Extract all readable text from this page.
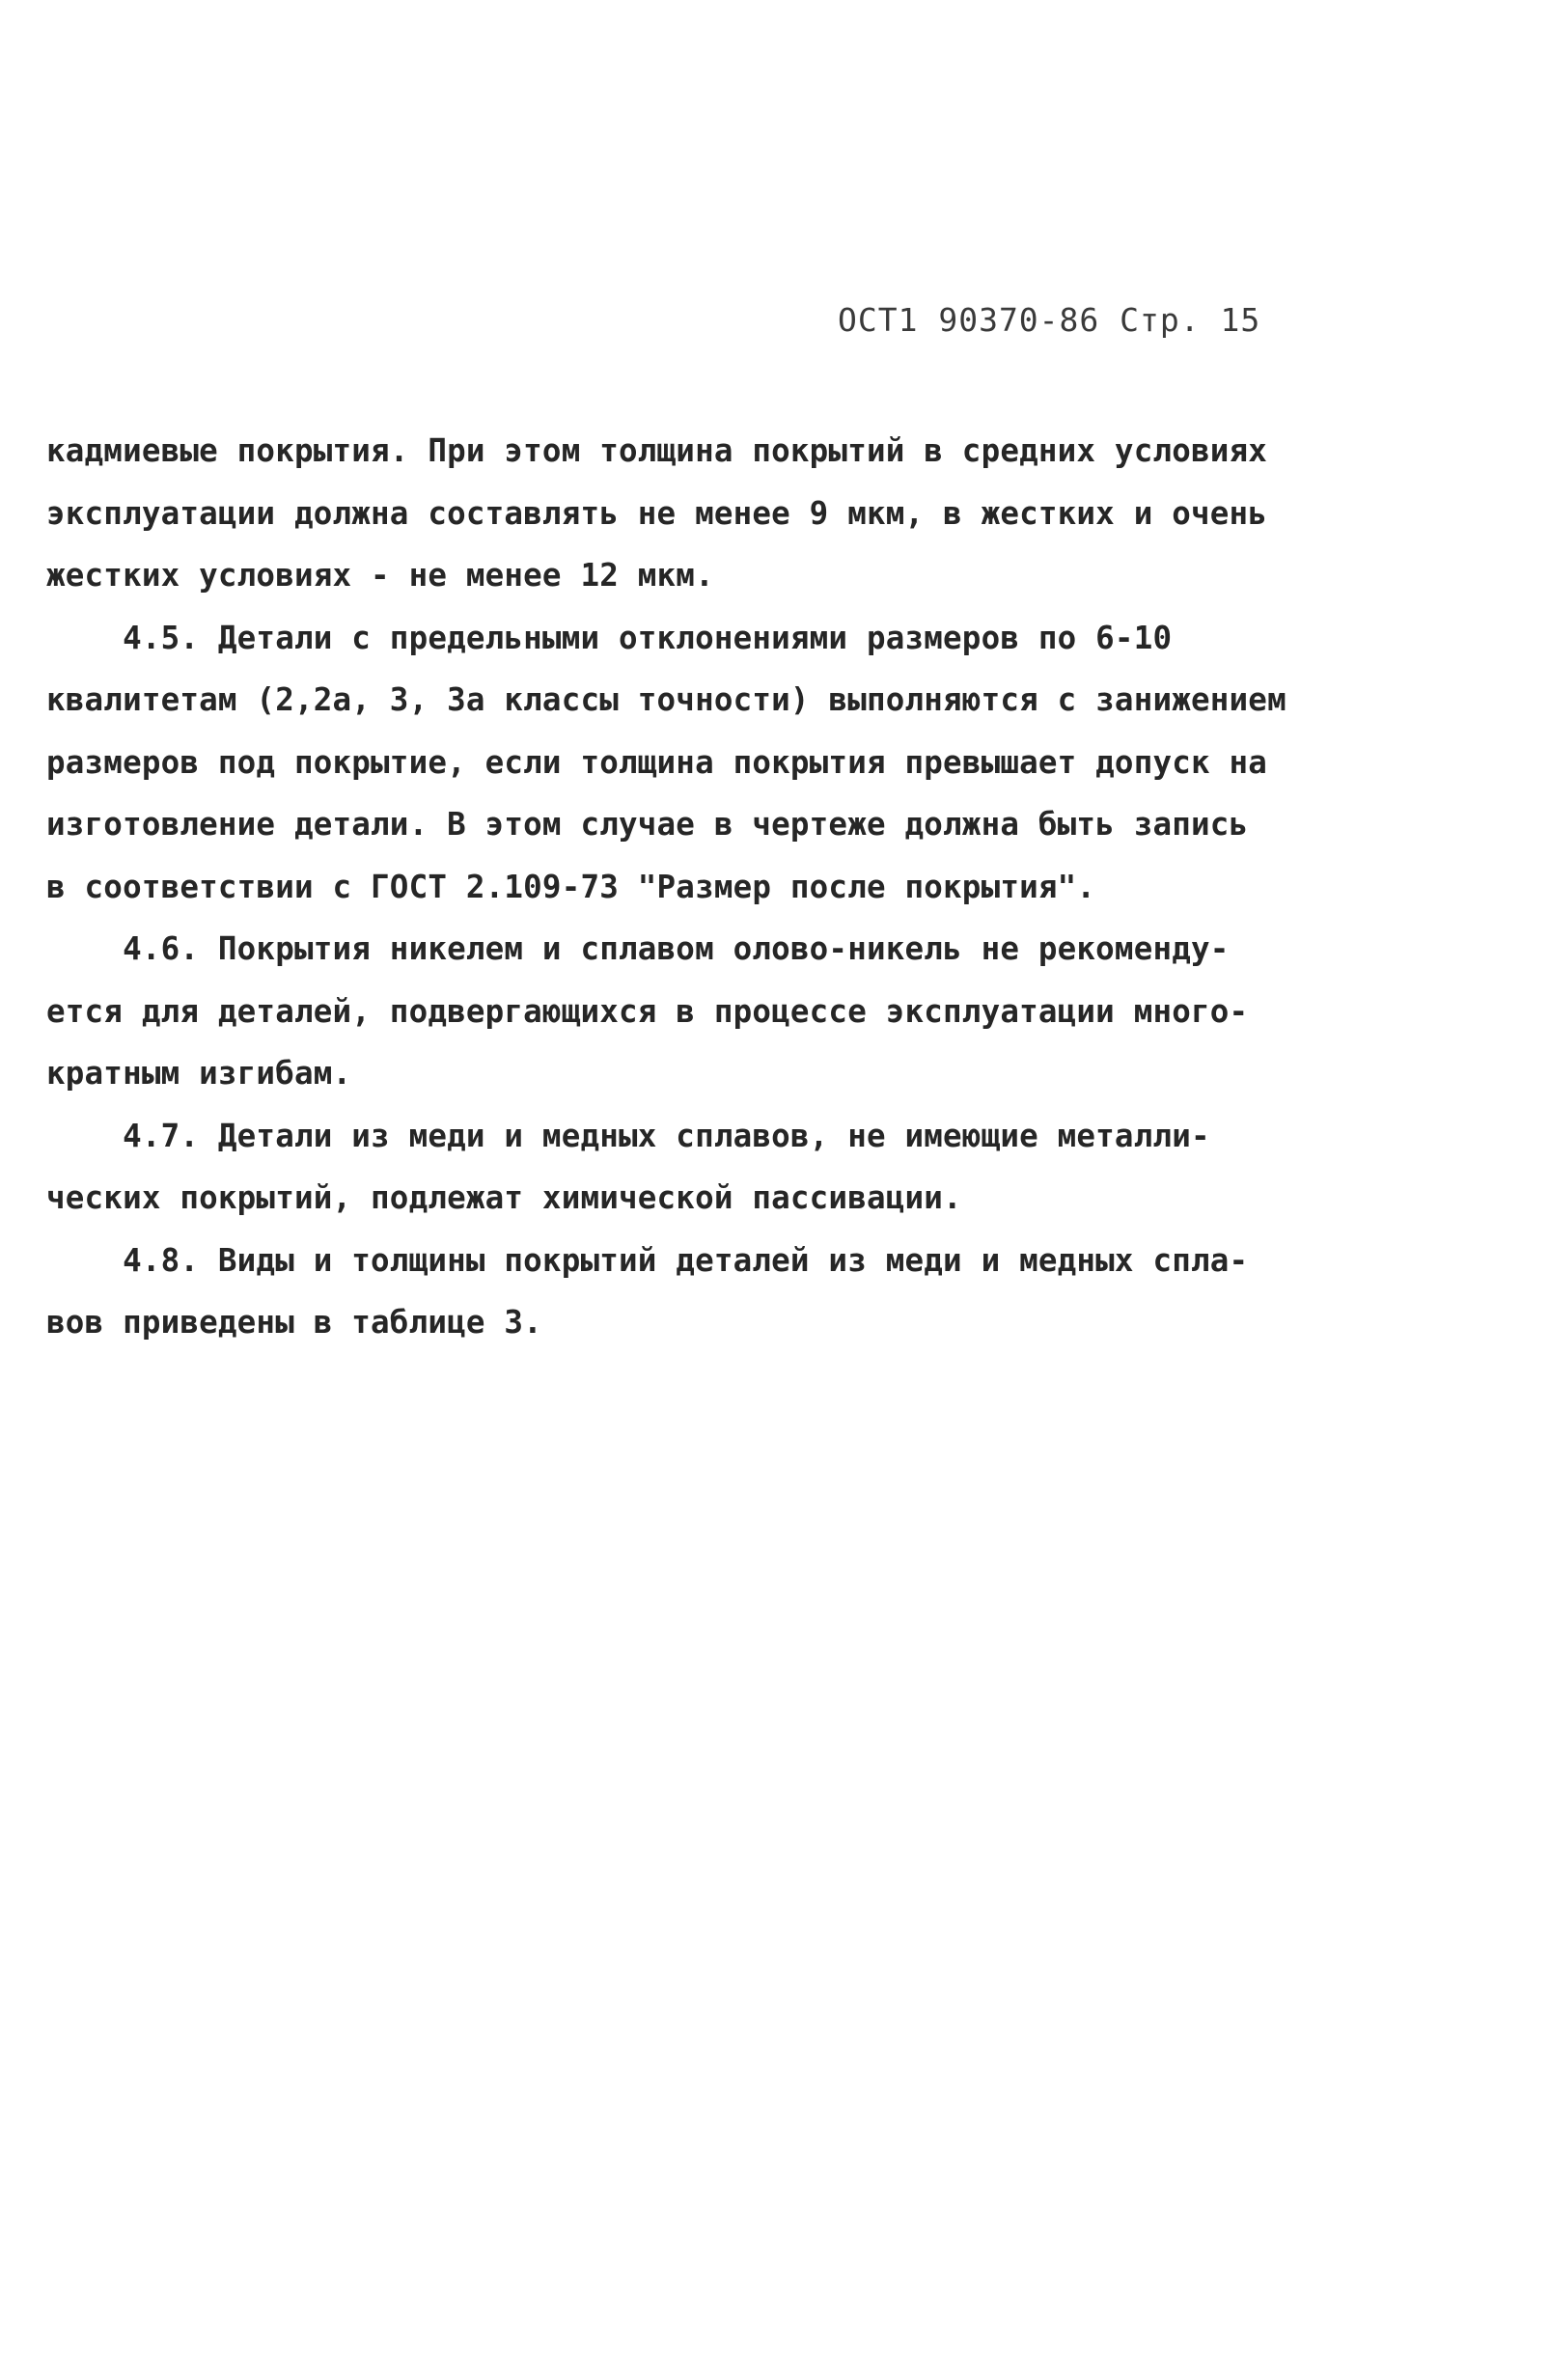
ОСТ1 90370-86 Стр. 15
кадмиевые покрытия. При этом толщина покрытий в средних условиях
эксплуатации должна составлять не менее 9 мкм, в жестких и очень
жестких условиях - не менее 12 мкм.
4.5. Детали с предельными отклонениями размеров по 6-10
квалитетам (2,2а, 3, 3а классы точности) выполняются с занижением
размеров под покрытие, если толщина покрытия превышает допуск на
изготовление детали. В этом случае в чертеже должна быть запись
в соответствии с ГОСТ 2.109-73 "Размер после покрытия".
4.6. Покрытия никелем и сплавом олово-никель не рекоменду-
ется для деталей, подвергающихся в процессе эксплуатации много-
кратным изгибам.
4.7. Детали из меди и медных сплавов, не имеющие металли-
ческих покрытий, подлежат химической пассивации.
4.8. Виды и толщины покрытий деталей из меди и медных спла-
вов приведены в таблице 3.
